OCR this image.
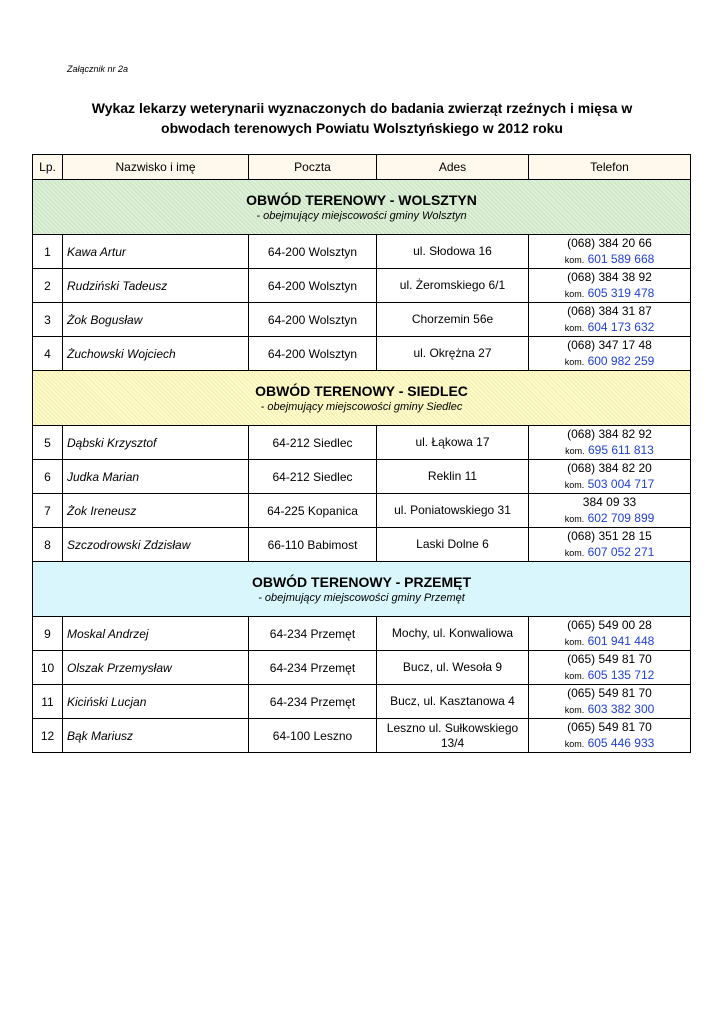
Załącznik nr 2a
Wykaz lekarzy weterynarii wyznaczonych do badania zwierząt rzeźnych i mięsa w
obwodach terenowych Powiatu Wolsztyńskiego w 2012 roku
Lp.	Nazwisko i imę	Poczta	Ades	Telefon

OBWÓD TERENOWY - WOLSZTYN
- obejmujący miejscowości gminy Wolsztyn				

1	Kawa Artur	64-200 Wolsztyn	ul. Słodowa 16	(068) 384 20 66
kom. 601 589 668

2	Rudziński Tadeusz	64-200 Wolsztyn	ul. Żeromskiego 6/1	(068) 384 38 92
kom. 605 319 478

3	Żok Bogusław	64-200 Wolsztyn	Chorzemin 56e	(068) 384 31 87
kom. 604 173 632

4	Żuchowski Wojciech	64-200 Wolsztyn	ul. Okrężna 27	(068) 347 17 48
kom. 600 982 259

OBWÓD TERENOWY - SIEDLEC
- obejmujący miejscowości gminy Siedlec				

5	Dąbski Krzysztof	64-212 Siedlec	ul. Łąkowa 17	(068) 384 82 92
kom. 695 611 813

6	Judka Marian	64-212 Siedlec	Reklin 11	(068) 384 82 20
kom. 503 004 717

7	Żok Ireneusz	64-225 Kopanica	ul. Poniatowskiego 31	384 09 33
kom. 602 709 899

8	Szczodrowski Zdzisław	66-110 Babimost	Laski Dolne 6	(068) 351 28 15
kom. 607 052 271

OBWÓD TERENOWY - PRZEMĘT
- obejmujący miejscowości gminy Przemęt				

9	Moskal Andrzej	64-234 Przemęt	Mochy, ul. Konwaliowa	(065) 549 00 28
kom. 601 941 448

10	Olszak Przemysław	64-234 Przemęt	Bucz, ul. Wesoła 9	(065) 549 81 70
kom. 605 135 712

11	Kiciński Lucjan	64-234 Przemęt	Bucz, ul. Kasztanowa 4	(065) 549 81 70
kom. 603 382 300

12	Bąk Mariusz	64-100 Leszno	Leszno ul. Sułkowskiego 13/4	(065) 549 81 70
kom. 605 446 933
